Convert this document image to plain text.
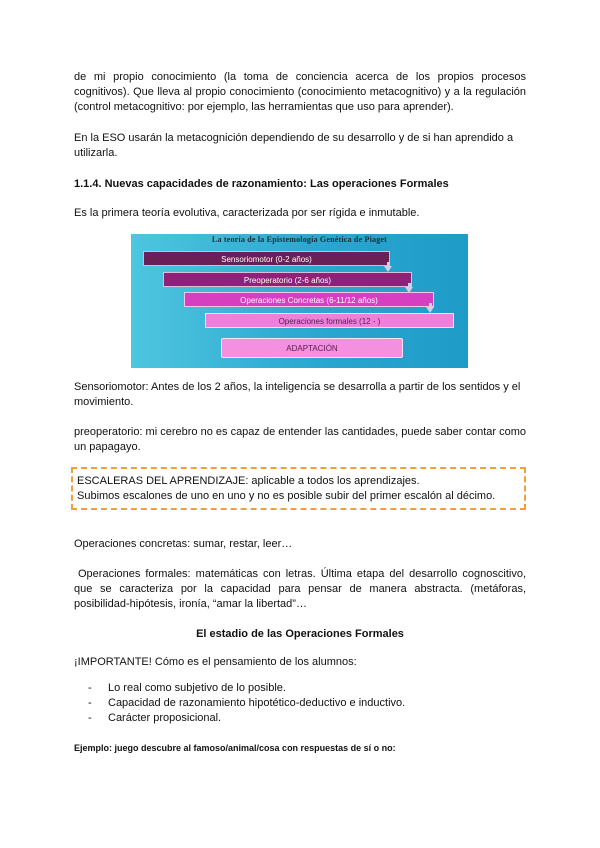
de mi propio conocimiento (la toma de conciencia acerca de los propios procesos cognitivos). Que lleva al propio conocimiento (conocimiento metacognitivo) y a la regulación (control metacognitivo: por ejemplo, las herramientas que uso para aprender).

En la ESO usarán la metacognición dependiendo de su desarrollo y de si han aprendido a utilizarla.

1.1.4. Nuevas capacidades de razonamiento: Las operaciones Formales

Es la primera teoría evolutiva, caracterizada por ser rígida e inmutable.

La teoría de la Epistemología Genética de Piaget
Sensoriomotor (0-2 años)
Preoperatorio (2-6 años)
Operaciones Concretas (6-11/12 años)
Operaciones formales (12 - )
ADAPTACIÓN

Sensoriomotor: Antes de los 2 años, la inteligencia se desarrolla a partir de los sentidos y el movimiento.

preoperatorio: mi cerebro no es capaz de entender las cantidades, puede saber contar como un papagayo.

ESCALERAS DEL APRENDIZAJE: aplicable a todos los aprendizajes.

Subimos escalones de uno en uno y no es posible subir del primer escalón al décimo.

Operaciones concretas: sumar, restar, leer…

Operaciones formales: matemáticas con letras. Última etapa del desarrollo cognoscitivo, que se caracteriza por la capacidad para pensar de manera abstracta. (metáforas, posibilidad-hipótesis, ironía, “amar la libertad”…

El estadio de las Operaciones Formales

¡IMPORTANTE! Cómo es el pensamiento de los alumnos:

- Lo real como subjetivo de lo posible.
- Capacidad de razonamiento hipotético-deductivo e inductivo.
- Carácter proposicional.

Ejemplo: juego descubre al famoso/animal/cosa con respuestas de sí o no:
